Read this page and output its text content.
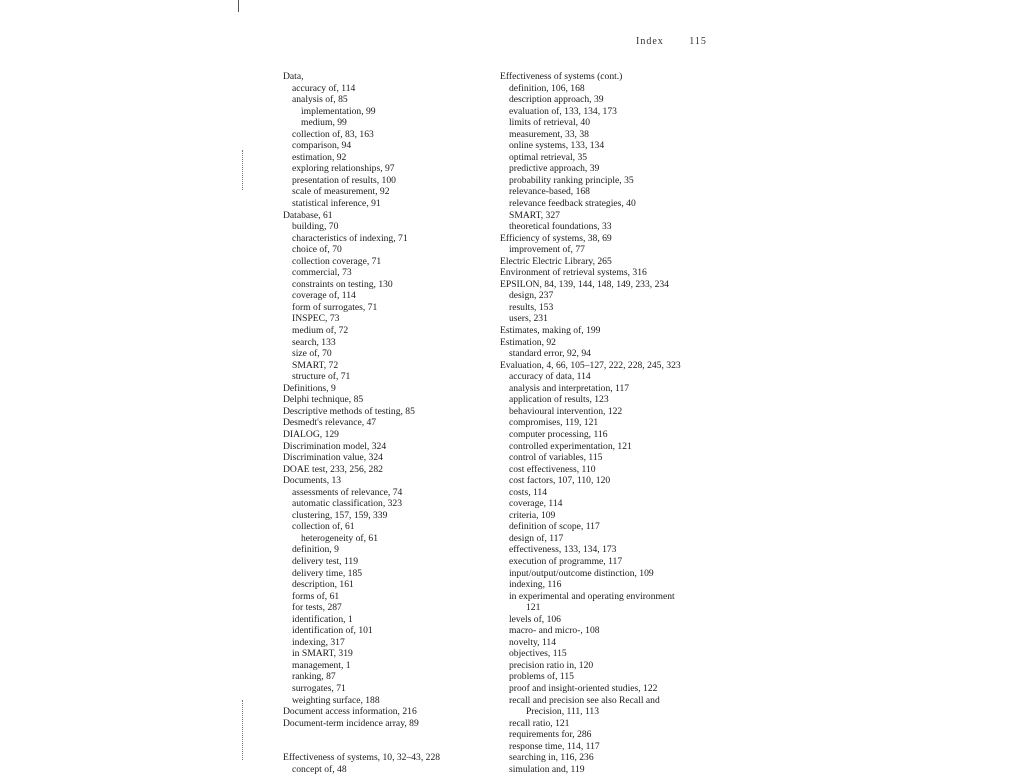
Index	115
Data,
accuracy of, 114
analysis of, 85
implementation, 99
medium, 99
collection of, 83, 163
comparison, 94
estimation, 92
exploring relationships, 97
presentation of results, 100
scale of measurement, 92
statistical inference, 91
Database, 61
building, 70
characteristics of indexing, 71
choice of, 70
collection coverage, 71
commercial, 73
constraints on testing, 130
coverage of, 114
form of surrogates, 71
INSPEC, 73
medium of, 72
search, 133
size of, 70
SMART, 72
structure of, 71
Definitions, 9
Delphi technique, 85
Descriptive methods of testing, 85
Desmedt's relevance, 47
DIALOG, 129
Discrimination model, 324
Discrimination value, 324
DOAE test, 233, 256, 282
Documents, 13
assessments of relevance, 74
automatic classification, 323
clustering, 157, 159, 339
collection of, 61
heterogeneity of, 61
definition, 9
delivery test, 119
delivery time, 185
description, 161
forms of, 61
for tests, 287
identification, 1
identification of, 101
indexing, 317
in SMART, 319
management, 1
ranking, 87
surrogates, 71
weighting surface, 188
Document access information, 216
Document-term incidence array, 89
Effectiveness of systems, 10, 32–43, 228
concept of, 48
Effectiveness of systems (cont.)
definition, 106, 168
description approach, 39
evaluation of, 133, 134, 173
limits of retrieval, 40
measurement, 33, 38
online systems, 133, 134
optimal retrieval, 35
predictive approach, 39
probability ranking principle, 35
relevance-based, 168
relevance feedback strategies, 40
SMART, 327
theoretical foundations, 33
Efficiency of systems, 38, 69
improvement of, 77
Electric Electric Library, 265
Environment of retrieval systems, 316
EPSILON, 84, 139, 144, 148, 149, 233, 234
design, 237
results, 153
users, 231
Estimates, making of, 199
Estimation, 92
standard error, 92, 94
Evaluation, 4, 66, 105–127, 222, 228, 245, 323
accuracy of data, 114
analysis and interpretation, 117
application of results, 123
behavioural intervention, 122
compromises, 119, 121
computer processing, 116
controlled experimentation, 121
control of variables, 115
cost effectiveness, 110
cost factors, 107, 110, 120
costs, 114
coverage, 114
criteria, 109
definition of scope, 117
design of, 117
effectiveness, 133, 134, 173
execution of programme, 117
input/output/outcome distinction, 109
indexing, 116
in experimental and operating environment
121
levels of, 106
macro- and micro-, 108
novelty, 114
objectives, 115
precision ratio in, 120
problems of, 115
proof and insight-oriented studies, 122
recall and precision see also Recall and
Precision, 111, 113
recall ratio, 121
requirements for, 286
response time, 114, 117
searching in, 116, 236
simulation and, 119
